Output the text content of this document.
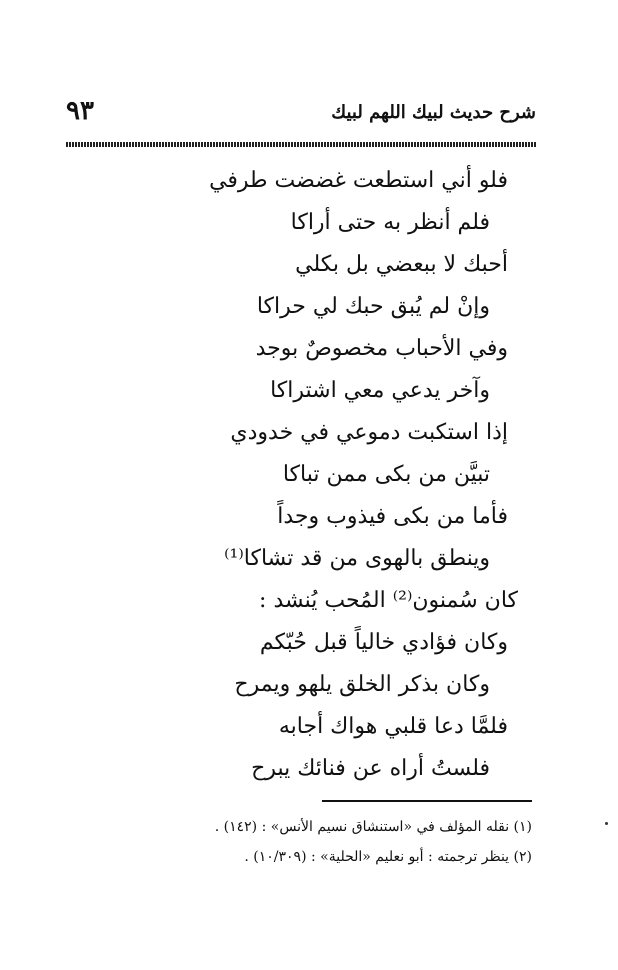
٩٣	شرح حديث لبيك اللهم لبيك
فلو أني استطعت غضضت طرفي
فلم أنظر به حتى أراكا
أحبك لا ببعضي بل بكلي
وإنْ لم يُبق حبك لي حراكا
وفي الأحباب مخصوصٌ بوجد
وآخر يدعي معي اشتراكا
إذا استكبت دموعي في خدودي
تبيَّن من بكى ممن تباكا
فأما من بكى فيذوب وجداً
وينطق بالهوى من قد تشاكا⁽¹⁾
كان سُمنون⁽²⁾ المُحب يُنشد :
وكان فؤادي خالياً قبل حُبّكم
وكان بذكر الخلق يلهو ويمرح
فلمَّا دعا قلبي هواك أجابه
فلستُ أراه عن فنائك يبرح
(١) نقله المؤلف في «استنشاق نسيم الأنس» : (١٤٢) .
(٢) ينظر ترجمته : أبو نعليم «الحلية» : (١٠/٣٠٩) .
